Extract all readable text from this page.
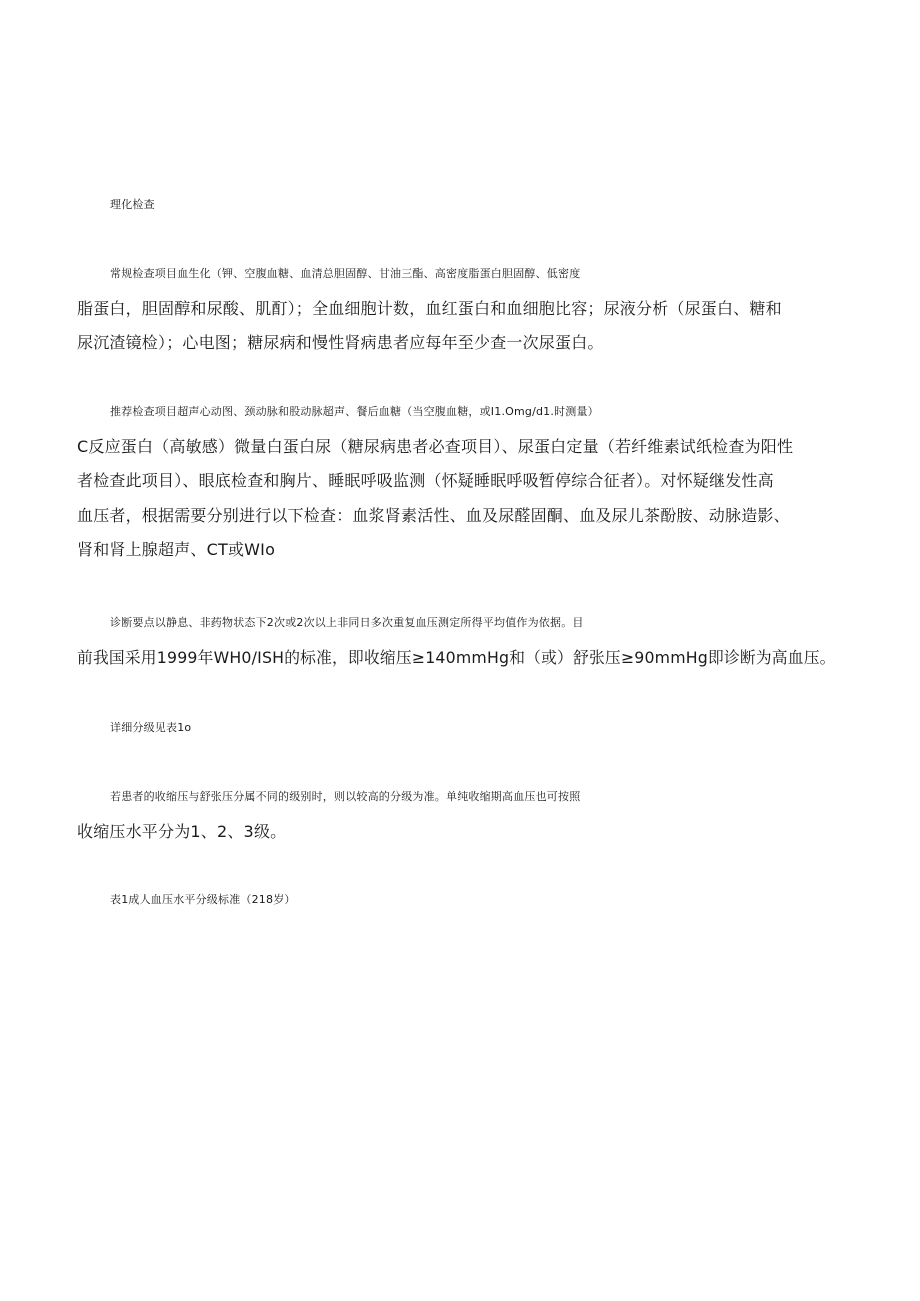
理化检查

常规检查项目血生化（钾、空腹血糖、血清总胆固醇、甘油三酯、高密度脂蛋白胆固醇、低密度
脂蛋白，胆固醇和尿酸、肌酊）；全血细胞计数，血红蛋白和血细胞比容；尿液分析（尿蛋白、糖和
尿沉渣镜检）；心电图；糖尿病和慢性肾病患者应每年至少查一次尿蛋白。

推荐检查项目超声心动图、颈动脉和股动脉超声、餐后血糖（当空腹血糖，或I1.Omg∕d1.时测量）
C反应蛋白（高敏感）微量白蛋白尿（糖尿病患者必查项目）、尿蛋白定量（若纤维素试纸检查为阳性
者检查此项目）、眼底检查和胸片、睡眠呼吸监测（怀疑睡眠呼吸暂停综合征者）。对怀疑继发性高
血压者，根据需要分别进行以下检查：血浆肾素活性、血及尿醛固酮、血及尿儿茶酚胺、动脉造影、
肾和肾上腺超声、CT或WIo

诊断要点以静息、非药物状态下2次或2次以上非同日多次重复血压测定所得平均值作为依据。目
前我国采用1999年WH0/ISH的标准，即收缩压≥140mmHg和（或）舒张压≥90mmHg即诊断为高血压。

详细分级见表1o

若患者的收缩压与舒张压分属不同的级别时，则以较高的分级为准。单纯收缩期高血压也可按照
收缩压水平分为1、2、3级。

表1成人血压水平分级标准（218岁）
